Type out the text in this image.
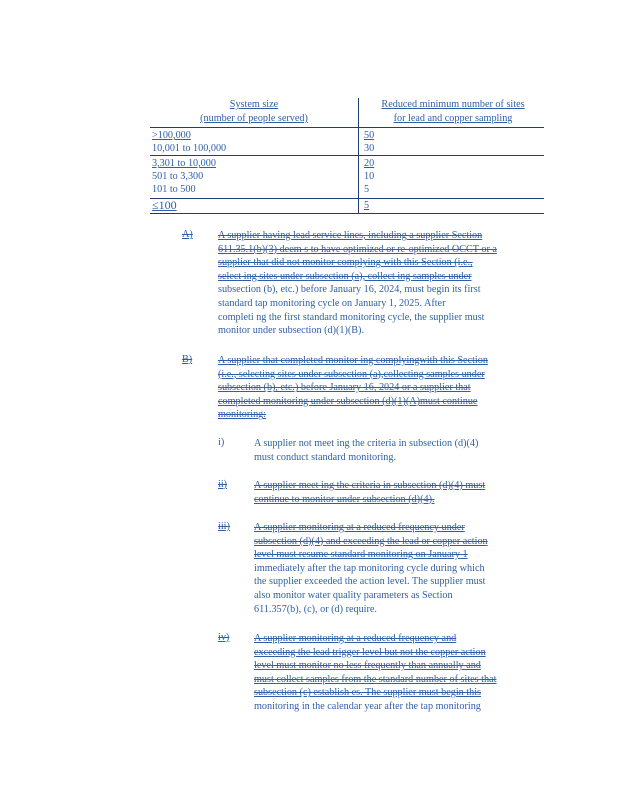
System size
(number of people served)
Reduced minimum number of sites
for lead and copper sampling
>100,000	50
10,001 to 100,000	30
3,301 to 10,000	20
501 to 3,300	10
101 to 500	5
≤100	5
A) A supplier having lead service lines, including a supplier Section
611.35.1(b)(3) deem s to have optimized or re-optimized OCCT or a
supplier that did not monitor complying with this Section (i.e.,
select ing sites under subsection (a), collect ing samples under
subsection (b), etc.) before January 16, 2024, must begin its first
standard tap monitoring cycle on January 1, 2025. After
completi ng the first standard monitoring cycle, the supplier must
monitor under subsection (d)(1)(B).
B)	A supplier that completed monitor ing complyingwith this Section
(i.e., selecting sites under subsection (a),collecting samples under
subsection (b), etc.) before January 16, 2024 or a supplier that
completed monitoring under subsection (d)(1)(A)must continue
monitoring:
i)	A supplier not meet ing the criteria in subsection (d)(4)
must conduct standard monitoring.
ii)	A supplier meet ing the criteria in subsection (d)(4) must
continue to monitor under subsection (d)(4).
iii) A supplier monitoring at a reduced frequency under
subsection (d)(4) and exceeding the lead or copper action
level must resume standard monitoring on January 1
immediately after the tap monitoring cycle during which
the supplier exceeded the action level. The supplier must
also monitor water quality parameters as Section
611.357(b), (c), or (d) require.
iv) A supplier monitoring at a reduced frequency and
exceeding the lead trigger level but not the copper action
level must monitor no less frequently than annually and
must collect samples from the standard number of sites that
subsection (c) establish es. The supplier must begin this
monitoring in the calendar year after the tap monitoring
